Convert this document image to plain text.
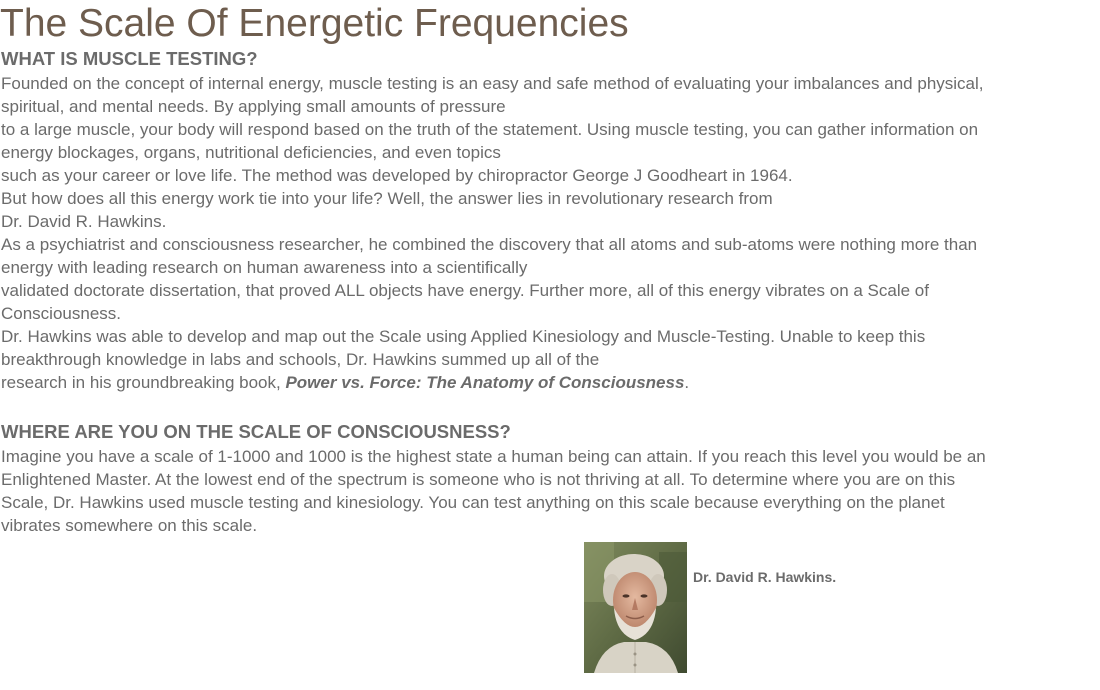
The Scale Of Energetic Frequencies
WHAT IS MUSCLE TESTING?

Founded on the concept of internal energy, muscle testing is an easy and safe method of evaluating your imbalances and physical,

spiritual, and mental needs. By applying small amounts of pressure

to a large muscle, your body will respond based on the truth of the statement. Using muscle testing, you can gather information on

energy blockages, organs, nutritional deficiencies, and even topics

such as your career or love life. The method was developed by chiropractor George J Goodheart in 1964.

But how does all this energy work tie into your life? Well, the answer lies in revolutionary research from

Dr. David R. Hawkins.

As a psychiatrist and consciousness researcher, he combined the discovery that all atoms and sub-atoms were nothing more than

energy with leading research on human awareness into a scientifically

validated doctorate dissertation, that proved ALL objects have energy. Further more, all of this energy vibrates on a Scale of

Consciousness.

Dr. Hawkins was able to develop and map out the Scale using Applied Kinesiology and Muscle-Testing. Unable to keep this

breakthrough knowledge in labs and schools, Dr. Hawkins summed up all of the

research in his groundbreaking book, Power vs. Force: The Anatomy of Consciousness.

WHERE ARE YOU ON THE SCALE OF CONSCIOUSNESS?

Imagine you have a scale of 1-1000 and 1000 is the highest state a human being can attain. If you reach this level you would be an

Enlightened Master. At the lowest end of the spectrum is someone who is not thriving at all. To determine where you are on this

Scale, Dr. Hawkins used muscle testing and kinesiology. You can test anything on this scale because everything on the planet

vibrates somewhere on this scale.

Dr. David R. Hawkins.
